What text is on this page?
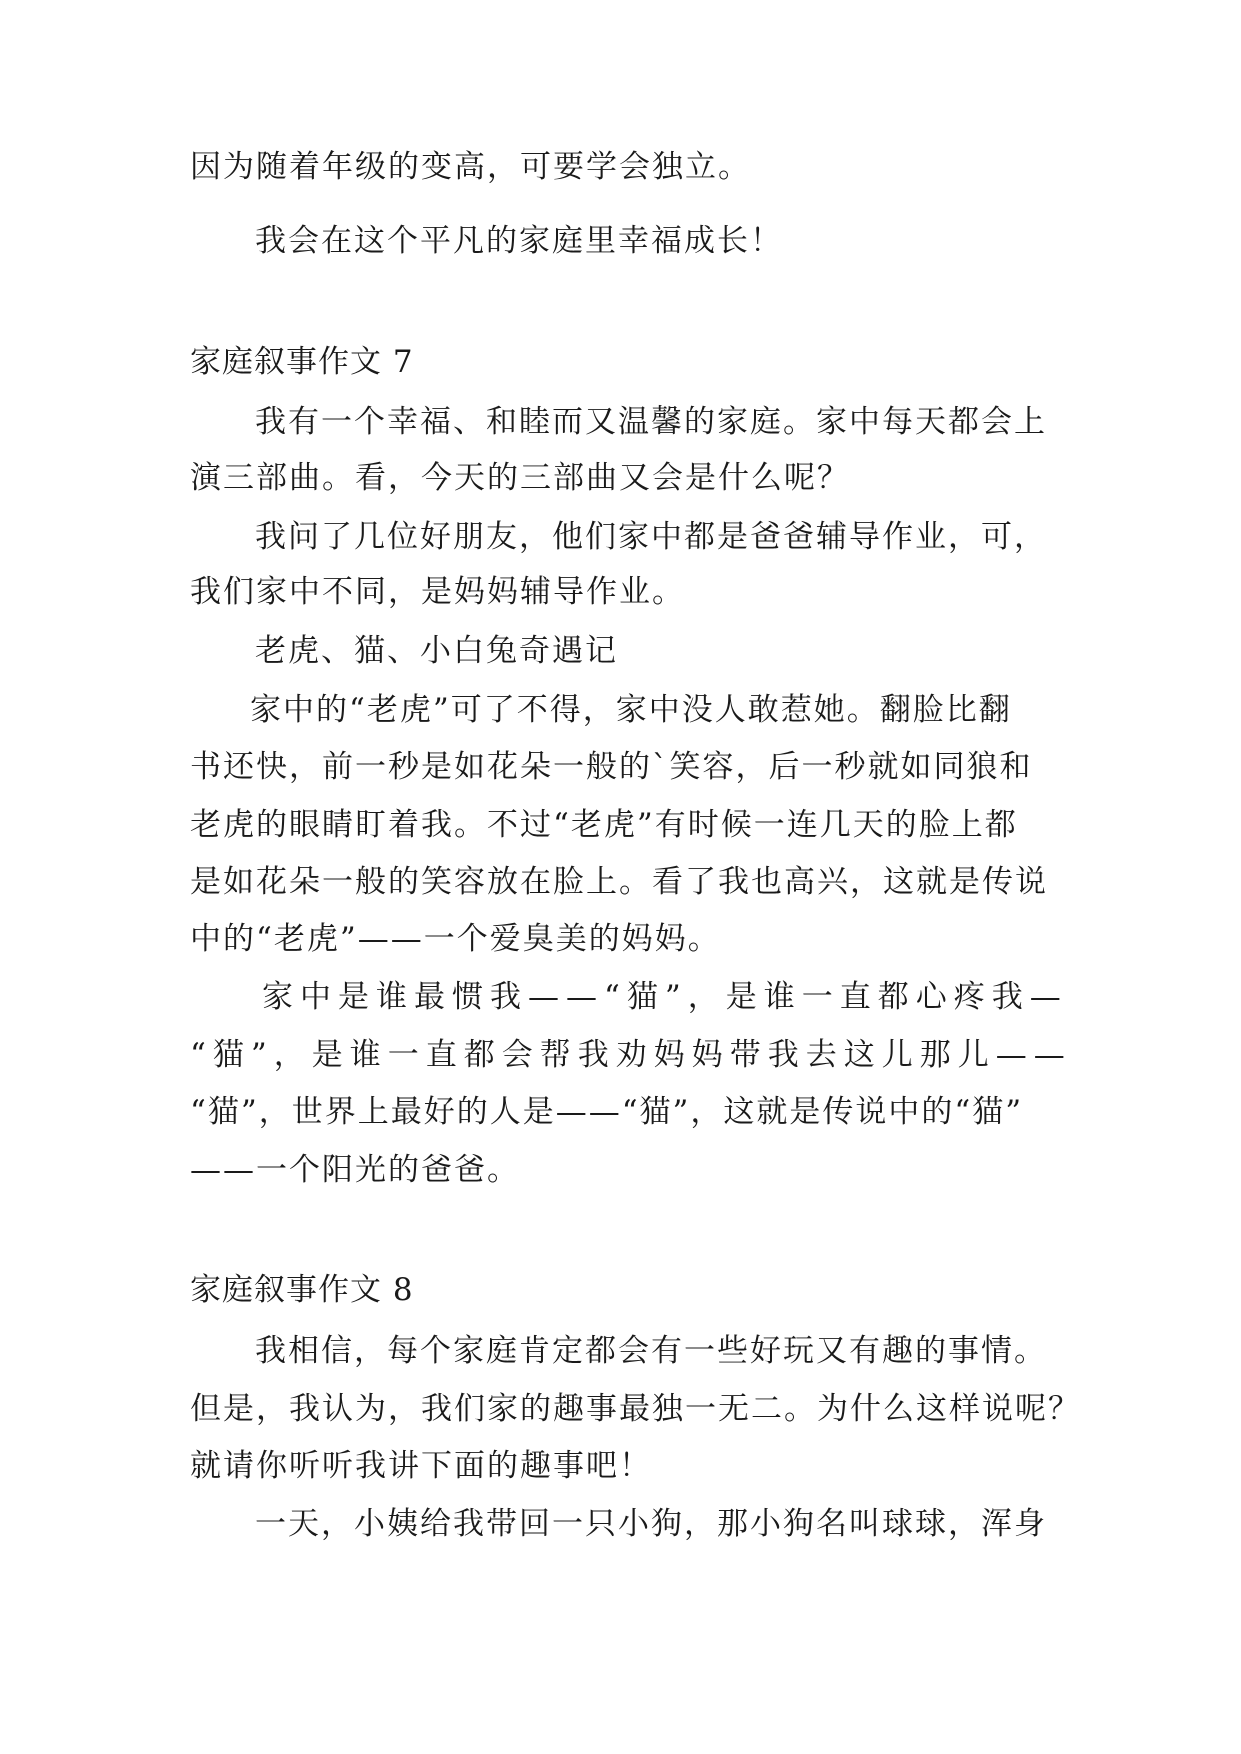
因为随着年级的变高，可要学会独立。
我会在这个平凡的家庭里幸福成长！
家庭叙事作文 7
我有一个幸福、和睦而又温馨的家庭。家中每天都会上
演三部曲。看，今天的三部曲又会是什么呢？
我问了几位好朋友，他们家中都是爸爸辅导作业，可，
我们家中不同，是妈妈辅导作业。
老虎、猫、小白兔奇遇记
家中的“老虎”可了不得，家中没人敢惹她。翻脸比翻
书还快，前一秒是如花朵一般的`笑容，后一秒就如同狼和
老虎的眼睛盯着我。不过“老虎”有时候一连几天的脸上都
是如花朵一般的笑容放在脸上。看了我也高兴，这就是传说
中的“老虎”——一个爱臭美的妈妈。
家中是谁最惯我——“猫”，是谁一直都心疼我—
“猫”，是谁一直都会帮我劝妈妈带我去这儿那儿——
“猫”，世界上最好的人是——“猫”，这就是传说中的“猫”
——一个阳光的爸爸。
家庭叙事作文 8
我相信，每个家庭肯定都会有一些好玩又有趣的事情。
但是，我认为，我们家的趣事最独一无二。为什么这样说呢？
就请你听听我讲下面的趣事吧！
一天，小姨给我带回一只小狗，那小狗名叫球球，浑身
